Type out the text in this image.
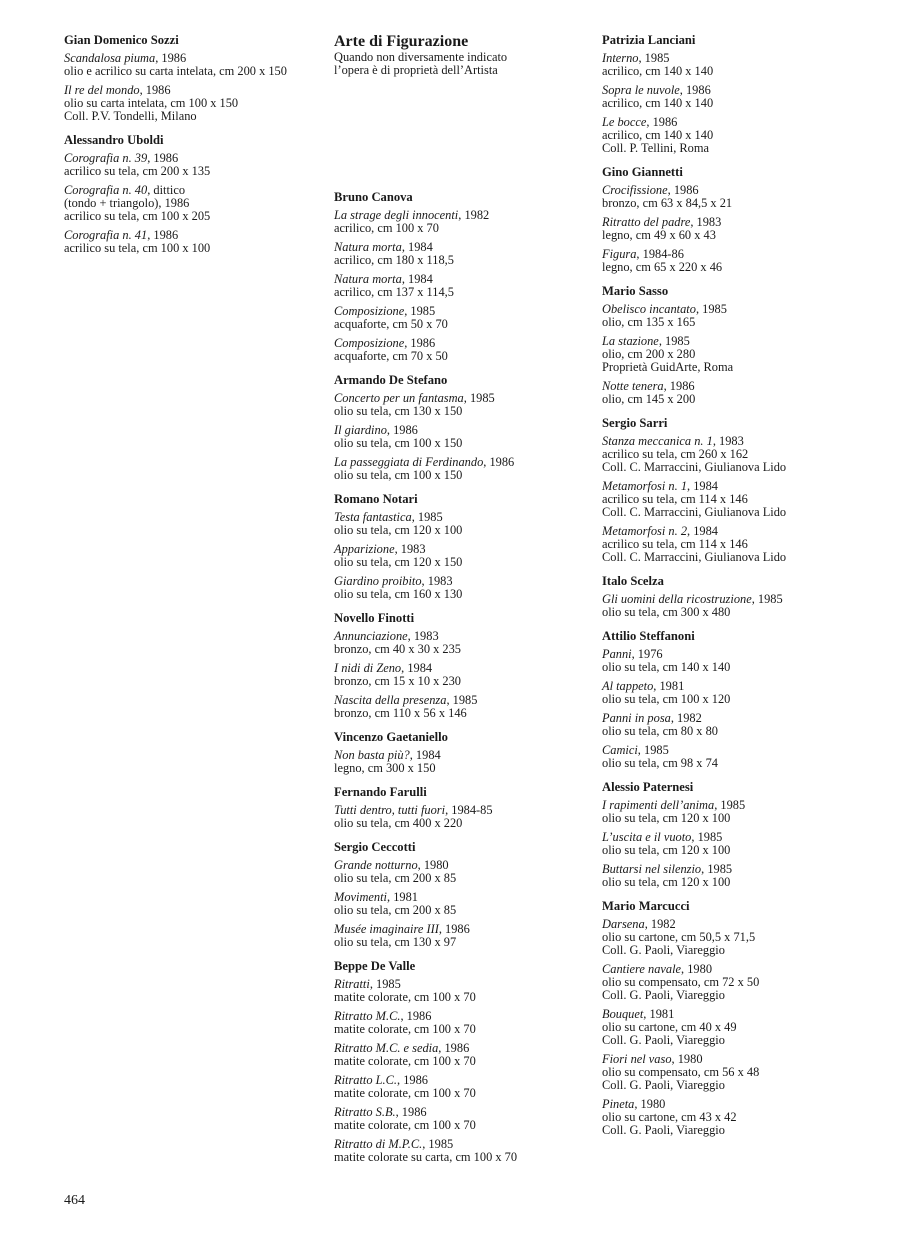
Gian Domenico Sozzi
Scandalosa piuma, 1986
olio e acrilico su carta intelata, cm 200 x 150
Il re del mondo, 1986
olio su carta intelata, cm 100 x 150
Coll. P.V. Tondelli, Milano
Alessandro Uboldi
Corografia n. 39, 1986
acrilico su tela, cm 200 x 135
Corografia n. 40, dittico
(tondo + triangolo), 1986
acrilico su tela, cm 100 x 205
Corografia n. 41, 1986
acrilico su tela, cm 100 x 100
Arte di Figurazione
Quando non diversamente indicato
l’opera è di proprietà dell’Artista
Bruno Canova
La strage degli innocenti, 1982
acrilico, cm 100 x 70
Natura morta, 1984
acrilico, cm 180 x 118,5
Natura morta, 1984
acrilico, cm 137 x 114,5
Composizione, 1985
acquaforte, cm 50 x 70
Composizione, 1986
acquaforte, cm 70 x 50
Armando De Stefano
Concerto per un fantasma, 1985
olio su tela, cm 130 x 150
Il giardino, 1986
olio su tela, cm 100 x 150
La passeggiata di Ferdinando, 1986
olio su tela, cm 100 x 150
Romano Notari
Testa fantastica, 1985
olio su tela, cm 120 x 100
Apparizione, 1983
olio su tela, cm 120 x 150
Giardino proibito, 1983
olio su tela, cm 160 x 130
Novello Finotti
Annunciazione, 1983
bronzo, cm 40 x 30 x 235
I nidi di Zeno, 1984
bronzo, cm 15 x 10 x 230
Nascita della presenza, 1985
bronzo, cm 110 x 56 x 146
Vincenzo Gaetaniello
Non basta più?, 1984
legno, cm 300 x 150
Fernando Farulli
Tutti dentro, tutti fuori, 1984-85
olio su tela, cm 400 x 220
Sergio Ceccotti
Grande notturno, 1980
olio su tela, cm 200 x 85
Movimenti, 1981
olio su tela, cm 200 x 85
Musée imaginaire III, 1986
olio su tela, cm 130 x 97
Beppe De Valle
Ritratti, 1985
matite colorate, cm 100 x 70
Ritratto M.C., 1986
matite colorate, cm 100 x 70
Ritratto M.C. e sedia, 1986
matite colorate, cm 100 x 70
Ritratto L.C., 1986
matite colorate, cm 100 x 70
Ritratto S.B., 1986
matite colorate, cm 100 x 70
Ritratto di M.P.C., 1985
matite colorate su carta, cm 100 x 70
Patrizia Lanciani
Interno, 1985
acrilico, cm 140 x 140
Sopra le nuvole, 1986
acrilico, cm 140 x 140
Le bocce, 1986
acrilico, cm 140 x 140
Coll. P. Tellini, Roma
Gino Giannetti
Crocifissione, 1986
bronzo, cm 63 x 84,5 x 21
Ritratto del padre, 1983
legno, cm 49 x 60 x 43
Figura, 1984-86
legno, cm 65 x 220 x 46
Mario Sasso
Obelisco incantato, 1985
olio, cm 135 x 165
La stazione, 1985
olio, cm 200 x 280
Proprietà GuidArte, Roma
Notte tenera, 1986
olio, cm 145 x 200
Sergio Sarri
Stanza meccanica n. 1, 1983
acrilico su tela, cm 260 x 162
Coll. C. Marraccini, Giulianova Lido
Metamorfosi n. 1, 1984
acrilico su tela, cm 114 x 146
Coll. C. Marraccini, Giulianova Lido
Metamorfosi n. 2, 1984
acrilico su tela, cm 114 x 146
Coll. C. Marraccini, Giulianova Lido
Italo Scelza
Gli uomini della ricostruzione, 1985
olio su tela, cm 300 x 480
Attilio Steffanoni
Panni, 1976
olio su tela, cm 140 x 140
Al tappeto, 1981
olio su tela, cm 100 x 120
Panni in posa, 1982
olio su tela, cm 80 x 80
Camici, 1985
olio su tela, cm 98 x 74
Alessio Paternesi
I rapimenti dell’anima, 1985
olio su tela, cm 120 x 100
L’uscita e il vuoto, 1985
olio su tela, cm 120 x 100
Buttarsi nel silenzio, 1985
olio su tela, cm 120 x 100
Mario Marcucci
Darsena, 1982
olio su cartone, cm 50,5 x 71,5
Coll. G. Paoli, Viareggio
Cantiere navale, 1980
olio su compensato, cm 72 x 50
Coll. G. Paoli, Viareggio
Bouquet, 1981
olio su cartone, cm 40 x 49
Coll. G. Paoli, Viareggio
Fiori nel vaso, 1980
olio su compensato, cm 56 x 48
Coll. G. Paoli, Viareggio
Pineta, 1980
olio su cartone, cm 43 x 42
Coll. G. Paoli, Viareggio
464
